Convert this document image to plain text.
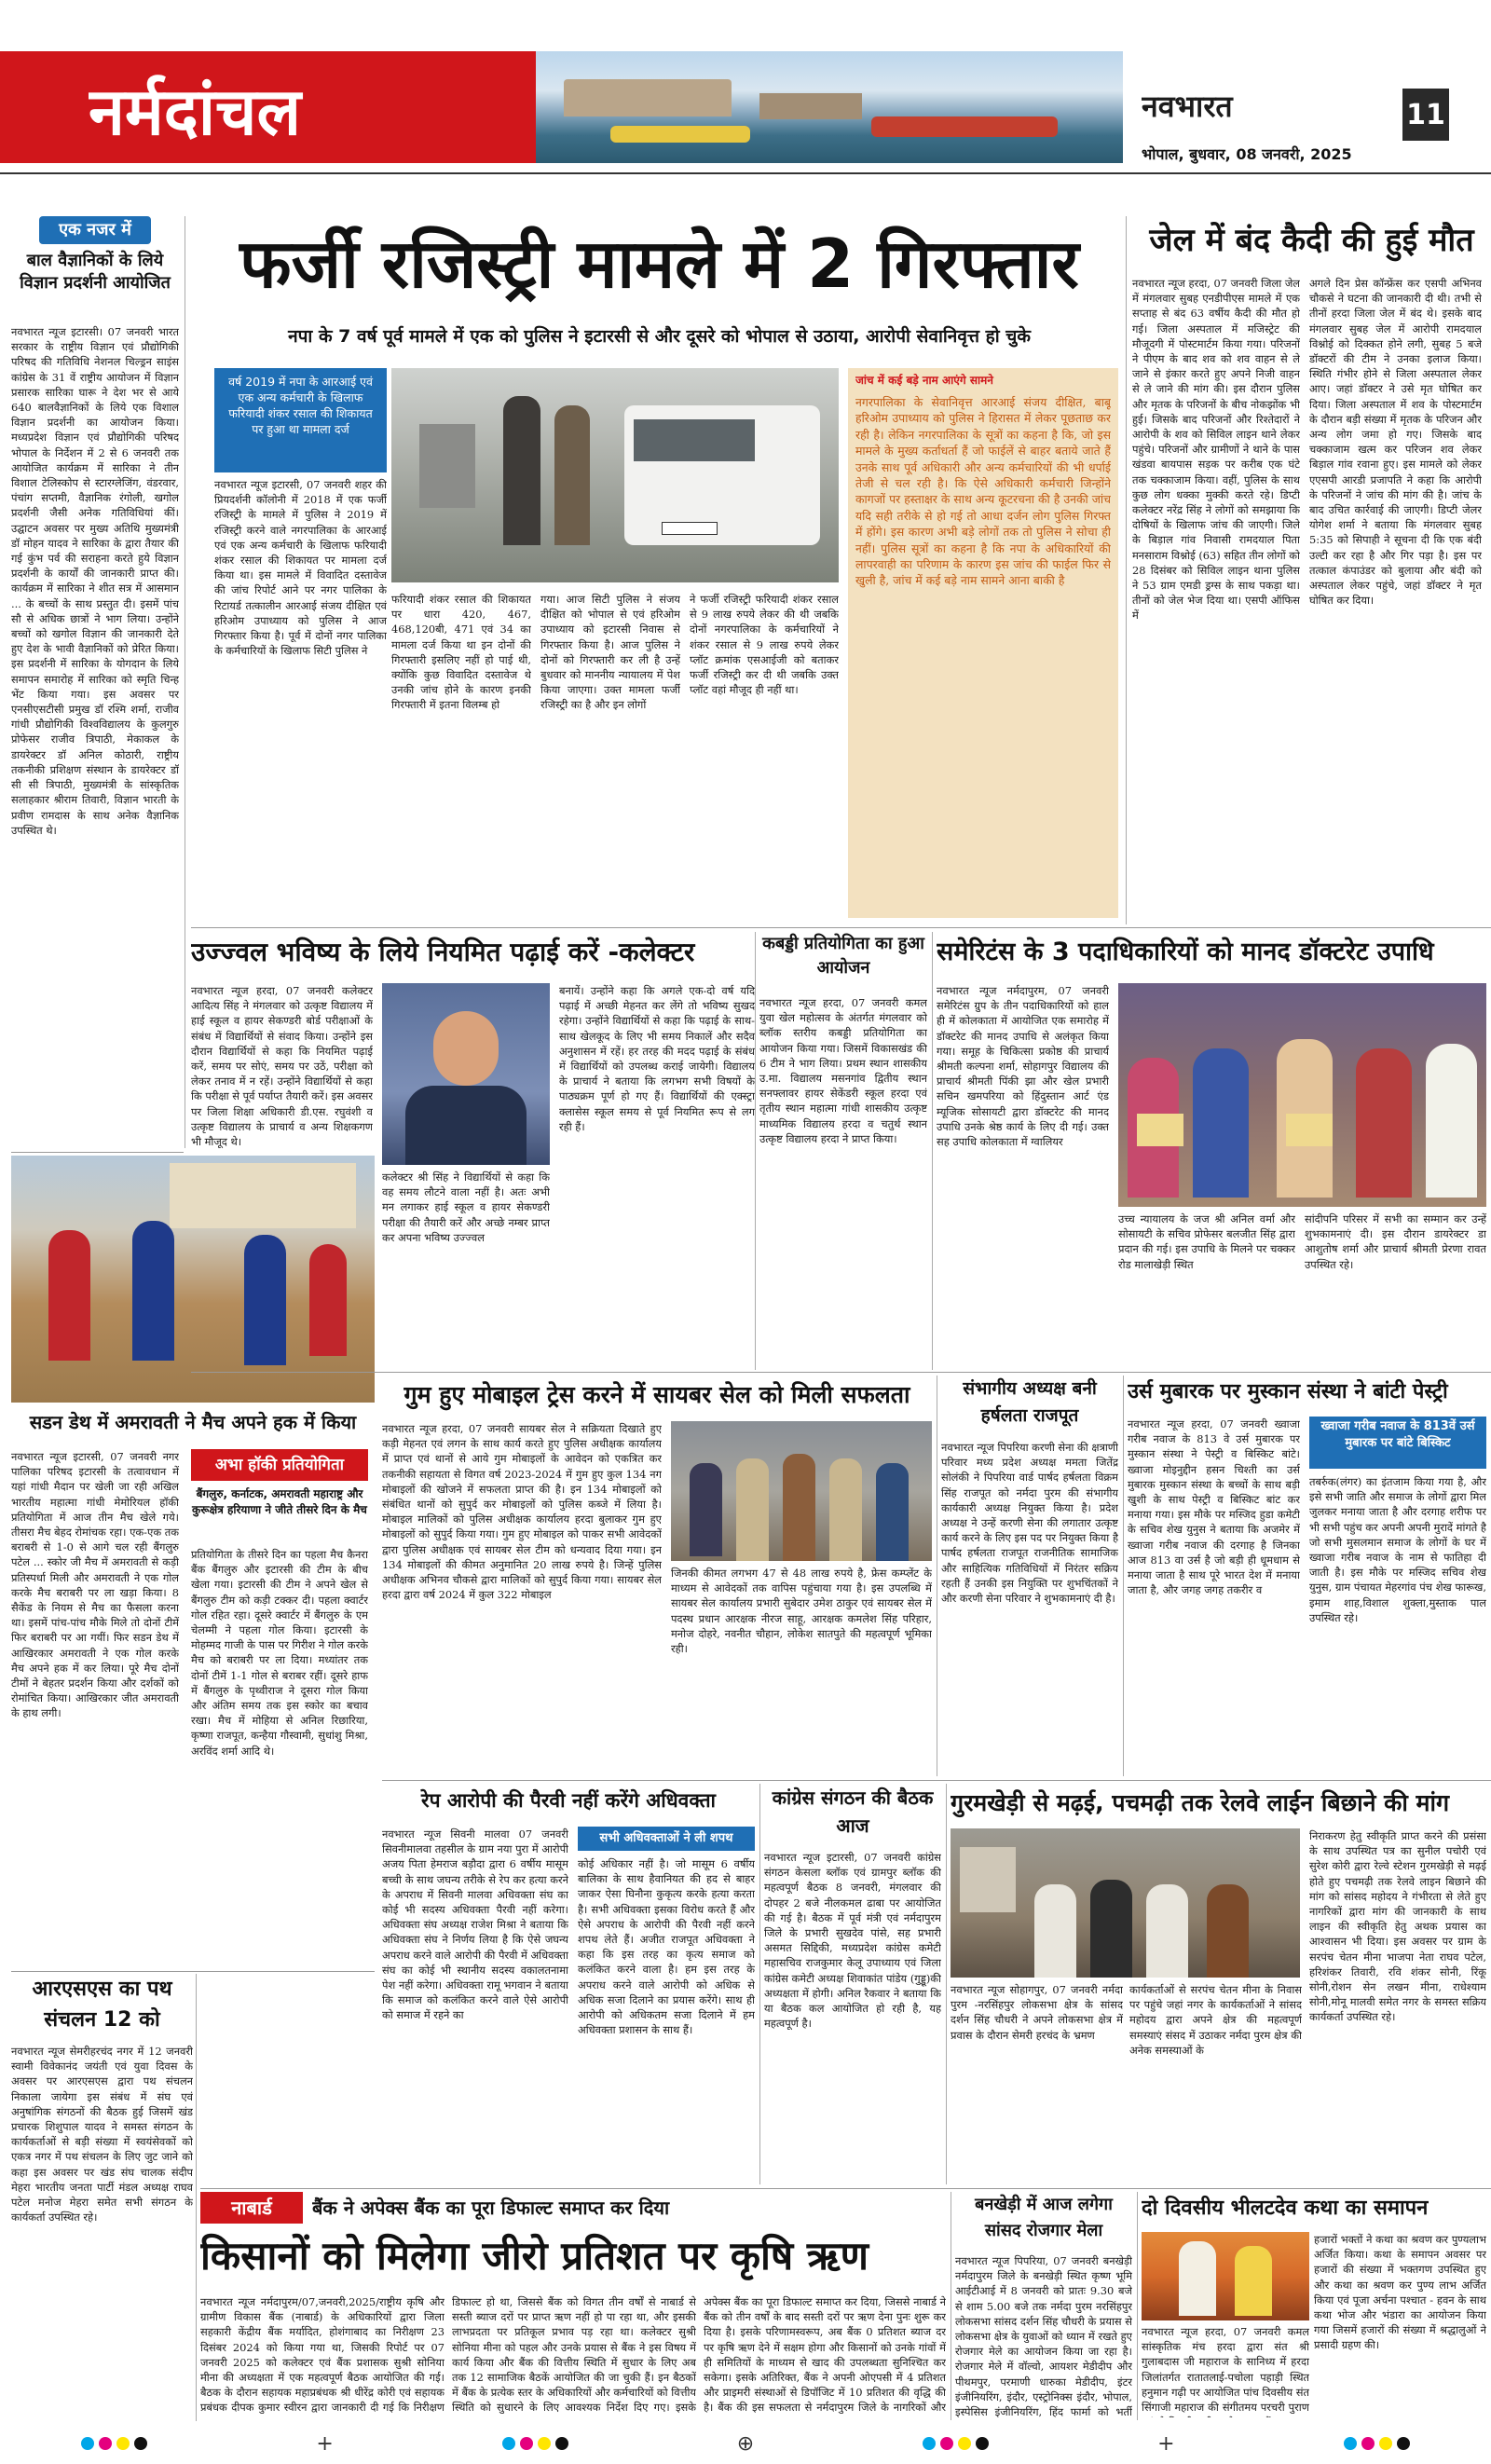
नर्मदांचल	नवभारत	11
भोपाल, बुधवार, 08 जनवरी, 2025
एक नजर में
बाल वैज्ञानिकों के लिये विज्ञान प्रदर्शनी आयोजित
नवभारत न्यूज इटारसी। 07 जनवरी भारत सरकार के राष्ट्रीय विज्ञान एवं प्रौद्योगिकी परिषद की गतिविधि नेशनल चिल्ड्रन साइंस कांग्रेस के 31 वें राष्ट्रीय आयोजन में विज्ञान प्रसारक सारिका घारू ने देश भर से आये 640 बालवैज्ञानिकों के लिये एक विशाल विज्ञान प्रदर्शनी का आयोजन किया। मध्यप्रदेश विज्ञान एवं प्रौद्योगिकी परिषद भोपाल के निर्देशन में 2 से 6 जनवरी तक आयोजित कार्यक्रम में सारिका ने तीन विशाल टेलिस्कोप से स्टारग्लेजिंग, वंडरवार, पंचांग सप्तमी, वैज्ञानिक रंगोली, खगोल प्रदर्शनी जैसी अनेक गतिविधियां कीं। उद्घाटन अवसर पर मुख्य अतिथि मुख्यमंत्री डॉ मोहन यादव ने सारिका के द्वारा तैयार की गई कुंभ पर्व की सराहना करते हुये विज्ञान प्रदर्शनी के कार्यों की जानकारी प्राप्त की। कार्यक्रम में सारिका ने शीत सत्र में आसमान ... के बच्चों के साथ प्रस्तुत दी। इसमें पांच सौ से अधिक छात्रों ने भाग लिया। उन्होंने बच्चों को खगोल विज्ञान की जानकारी देते हुए देश के भावी वैज्ञानिकों को प्रेरित किया। इस प्रदर्शनी में सारिका के योगदान के लिये समापन समारोह में सारिका को स्मृति चिन्ह भेंट किया गया। इस अवसर पर एनसीएसटीसी प्रमुख डॉ रश्मि शर्मा, राजीव गांधी प्रौद्योगिकी विश्वविद्यालय के कुलगुरु प्रोफेसर राजीव त्रिपाठी, मेकाकल के डायरेक्टर डॉ अनिल कोठारी, राष्ट्रीय तकनीकी प्रशिक्षण संस्थान के डायरेक्टर डॉ सी सी त्रिपाठी, मुख्यमंत्री के सांस्कृतिक सलाहकार श्रीराम तिवारी, विज्ञान भारती के प्रवीण रामदास के साथ अनेक वैज्ञानिक उपस्थित थे।
फर्जी रजिस्ट्री मामले में 2 गिरफ्तार
नपा के 7 वर्ष पूर्व मामले में एक को पुलिस ने इटारसी से और दूसरे को भोपाल से उठाया, आरोपी सेवानिवृत्त हो चुके
वर्ष 2019 में नपा के आरआई एवं एक अन्य कर्मचारी के खिलाफ फरियादी शंकर रसाल की शिकायत पर हुआ था मामला दर्ज
नवभारत न्यूज इटारसी, 07 जनवरी शहर की प्रियदर्शनी कॉलोनी में 2018 में एक फर्जी रजिस्ट्री के मामले में पुलिस ने 2019 में रजिस्ट्री करने वाले नगरपालिका के आरआई एवं एक अन्य कर्मचारी के खिलाफ फरियादी शंकर रसाल की शिकायत पर मामला दर्ज किया था। इस मामले में विवादित दस्तावेज की जांच रिपोर्ट आने पर नगर पालिका के रिटायर्ड तत्कालीन आरआई संजय दीक्षित एवं हरिओम उपाध्याय को पुलिस ने आज गिरफ्तार किया है। पूर्व में दोनों नगर पालिका के कर्मचारियों के खिलाफ सिटी पुलिस ने
फरियादी शंकर रसाल की शिकायत पर धारा 420, 467, 468,120बी, 471 एवं 34 का मामला दर्ज किया था इन दोनों की गिरफ्तारी इसलिए नहीं हो पाई थी, क्योंकि कुछ विवादित दस्तावेज थे उनकी जांच होने के कारण इनकी गिरफ्तारी में इतना विलम्ब हो
गया। आज सिटी पुलिस ने संजय दीक्षित को भोपाल से एवं हरिओम उपाध्याय को इटारसी निवास से गिरफ्तार किया है। आज पुलिस ने दोनों को गिरफ्तारी कर ली है उन्हें बुधवार को माननीय न्यायालय में पेश किया जाएगा। उक्त मामला फर्जी रजिस्ट्री का है और इन लोगों
ने फर्जी रजिस्ट्री फरियादी शंकर रसाल से 9 लाख रुपये लेकर की थी जबकि दोनों नगरपालिका के कर्मचारियों ने शंकर रसाल से 9 लाख रुपये लेकर प्लॉट क्रमांक एसआईजी को बताकर फर्जी रजिस्ट्री कर दी थी जबकि उक्त प्लॉट वहां मौजूद ही नहीं था।
जांच में कई बड़े नाम आएंगे सामने
नगरपालिका के सेवानिवृत्त आरआई संजय दीक्षित, बाबू हरिओम उपाध्याय को पुलिस ने हिरासत में लेकर पूछताछ कर रही है। लेकिन नगरपालिका के सूत्रों का कहना है कि, जो इस मामले के मुख्य कर्ताधर्ता हैं जो फाईलें से बाहर बताये जाते हैं उनके साथ पूर्व अधिकारी और अन्य कर्मचारियों की भी धर्पाई तेजी से चल रही है। कि ऐसे अधिकारी कर्मचारी जिन्होंने कागजों पर हस्ताक्षर के साथ अन्य कूटरचना की है उनकी जांच यदि सही तरीके से हो गई तो आधा दर्जन लोग पुलिस गिरफ्त में होंगे। इस कारण अभी बड़े लोगों तक तो पुलिस ने सोचा ही नहीं। पुलिस सूत्रों का कहना है कि नपा के अधिकारियों की लापरवाही का परिणाम के कारण इस जांच की फाईल फिर से खुली है, जांच में कई बड़े नाम सामने आना बाकी है
जेल में बंद कैदी की हुई मौत
नवभारत न्यूज हरदा, 07 जनवरी जिला जेल में मंगलवार सुबह एनडीपीएस मामले में एक सप्ताह से बंद 63 वर्षीय कैदी की मौत हो गई। जिला अस्पताल में मजिस्ट्रेट की मौजूदगी में पोस्टमार्टम किया गया। परिजनों ने पीएम के बाद शव को शव वाहन से ले जाने से इंकार करते हुए अपने निजी वाहन से ले जाने की मांग की। इस दौरान पुलिस और मृतक के परिजनों के बीच नोकझोंक भी हुई। जिसके बाद परिजनों और रिश्तेदारों ने आरोपी के शव को सिविल लाइन थाने लेकर पहुंचे। परिजनों और ग्रामीणों ने थाने के पास खंडवा बायपास सड़क पर करीब एक घंटे तक चक्काजाम किया। वहीं, पुलिस के साथ कुछ लोग धक्का मुक्की करते रहे। डिप्टी कलेक्टर नरेंद्र सिंह ने लोगों को समझाया कि दोषियों के खिलाफ जांच की जाएगी। जिले के बिड़ाल गांव निवासी रामदयाल पिता मनसाराम विश्नोई (63) सहित तीन लोगों को 28 दिसंबर को सिविल लाइन थाना पुलिस ने 53 ग्राम एमडी ड्रग्स के साथ पकड़ा था। तीनों को जेल भेज दिया था। एसपी ऑफिस में
अगले दिन प्रेस कॉन्फ्रेंस कर एसपी अभिनव चौकसे ने घटना की जानकारी दी थी। तभी से तीनों हरदा जिला जेल में बंद थे। इसके बाद मंगलवार सुबह जेल में आरोपी रामदयाल विश्नोई को दिक्कत होने लगी, सुबह 5 बजे डॉक्टरों की टीम ने उनका इलाज किया। स्थिति गंभीर होने से जिला अस्पताल लेकर आए। जहां डॉक्टर ने उसे मृत घोषित कर दिया। जिला अस्पताल में शव के पोस्टमार्टम के दौरान बड़ी संख्या में मृतक के परिजन और अन्य लोग जमा हो गए। जिसके बाद चक्काजाम खत्म कर परिजन शव लेकर बिड़ाल गांव रवाना हुए। इस मामले को लेकर एएसपी आरडी प्रजापति ने कहा कि आरोपी के परिजनों ने जांच की मांग की है। जांच के बाद उचित कार्रवाई की जाएगी। डिप्टी जेलर योगेश शर्मा ने बताया कि मंगलवार सुबह 5:35 को सिपाही ने सूचना दी कि एक बंदी उल्टी कर रहा है और गिर पड़ा है। इस पर तत्काल कंपाउंडर को बुलाया और बंदी को अस्पताल लेकर पहुंचे, जहां डॉक्टर ने मृत घोषित कर दिया।
उज्ज्वल भविष्य के लिये नियमित पढ़ाई करें -कलेक्टर
नवभारत न्यूज हरदा, 07 जनवरी कलेक्टर आदित्य सिंह ने मंगलवार को उत्कृष्ट विद्यालय में हाई स्कूल व हायर सेकण्डरी बोर्ड परीक्षाओं के संबंध में विद्यार्थियों से संवाद किया। उन्होंने इस दौरान विद्यार्थियों से कहा कि नियमित पढ़ाई करें, समय पर सोएं, समय पर उठें, परीक्षा को लेकर तनाव में न रहें। उन्होंने विद्यार्थियों से कहा कि परीक्षा से पूर्व पर्याप्त तैयारी करें। इस अवसर पर जिला शिक्षा अधिकारी डी.एस. रघुवंशी व उत्कृष्ट विद्यालय के प्राचार्य व अन्य शिक्षकगण भी मौजूद थे।
कलेक्टर श्री सिंह ने विद्यार्थियों से कहा कि वह समय लौटने वाला नहीं है। अतः अभी मन लगाकर हाई स्कूल व हायर सेकण्डरी परीक्षा की तैयारी करें और अच्छे नम्बर प्राप्त कर अपना भविष्य उज्ज्वल
बनायें। उन्होंने कहा कि अगले एक-दो वर्ष यदि पढ़ाई में अच्छी मेहनत कर लेंगे तो भविष्य सुखद रहेगा। उन्होंने विद्यार्थियों से कहा कि पढ़ाई के साथ-साथ खेलकूद के लिए भी समय निकालें और सदैव अनुशासन में रहें। हर तरह की मदद पढ़ाई के संबंध में विद्यार्थियों को उपलब्ध कराई जायेगी। विद्यालय के प्राचार्य ने बताया कि लगभग सभी विषयों के पाठ्यक्रम पूर्ण हो गए हैं। विद्यार्थियों की एक्स्ट्रा क्लासेस स्कूल समय से पूर्व नियमित रूप से लग रही हैं।
कबड्डी प्रतियोगिता का हुआ आयोजन
नवभारत न्यूज हरदा, 07 जनवरी कमल युवा खेल महोत्सव के अंतर्गत मंगलवार को ब्लॉक स्तरीय कबड्डी प्रतियोगिता का आयोजन किया गया। जिसमें विकासखंड की 6 टीम ने भाग लिया। प्रथम स्थान शासकीय उ.मा. विद्यालय मसनगांव द्वितीय स्थान सनफ्लावर हायर सेकेंडरी स्कूल हरदा एवं तृतीय स्थान महात्मा गांधी शासकीय उत्कृष्ट माध्यमिक विद्यालय हरदा व चतुर्थ स्थान उत्कृष्ट विद्यालय हरदा ने प्राप्त किया।
समेरिटंस के 3 पदाधिकारियों को मानद डॉक्टरेट उपाधि
नवभारत न्यूज नर्मदापुरम, 07 जनवरी समेरिटंस ग्रुप के तीन पदाधिकारियों को हाल ही में कोलकाता में आयोजित एक समारोह में डॉक्टरेट की मानद उपाधि से अलंकृत किया गया। समूह के चिकित्सा प्रकोष्ठ की प्राचार्य श्रीमती कल्पना शर्मा, सोहागपुर विद्यालय की प्राचार्य श्रीमती पिंकी झा और खेल प्रभारी सचिन खमपरिया को हिंदुस्तान आर्ट एंड म्यूजिक सोसायटी द्वारा डॉक्टरेट की मानद उपाधि उनके श्रेष्ठ कार्य के लिए दी गई। उक्त सह उपाधि कोलकाता में ग्वालियर
उच्च न्यायालय के जज श्री अनिल वर्मा और सोसायटी के सचिव प्रोफेसर बलजीत सिंह द्वारा प्रदान की गई। इस उपाधि के मिलने पर चक्कर रोड मालाखेड़ी स्थित
सांदीपनि परिसर में सभी का सम्मान कर उन्हें शुभकामनाएं दी। इस दौरान डायरेक्टर डा आशुतोष शर्मा और प्राचार्य श्रीमती प्रेरणा रावत उपस्थित रहे।
सडन डेथ में अमरावती ने मैच अपने हक में किया
नवभारत न्यूज इटारसी, 07 जनवरी नगर पालिका परिषद इटारसी के तत्वावधान में यहां गांधी मैदान पर खेली जा रही अखिल भारतीय महात्मा गांधी मेमोरियल हॉकी प्रतियोगिता में आज तीन मैच खेले गये। तीसरा मैच बेहद रोमांचक रहा। एक-एक तक बराबरी से 1-0 से आगे चल रही बैंगलुरु पटेल ... स्कोर जी मैच में अमरावती से कड़ी प्रतिस्पर्धा मिली और अमरावती ने एक गोल करके मैच बराबरी पर ला खड़ा किया। 8 सैकेंड के नियम से मैच का फैसला करना था। इसमें पांच-पांच मौके मिले तो दोनों टीमें फिर बराबरी पर आ गयीं। फिर सडन डेथ में आखिरकार अमरावती ने एक गोल करके मैच अपने हक में कर लिया। पूरे मैच दोनों टीमों ने बेहतर प्रदर्शन किया और दर्शकों को रोमांचित किया। आखिरकार जीत अमरावती के हाथ लगी।
अभा हॉकी प्रतियोगिता
बैंगलुरु, कर्नाटक, अमरावती महाराष्ट्र और कुरूक्षेत्र हरियाणा ने जीते तीसरे दिन के मैच
प्रतियोगिता के तीसरे दिन का पहला मैच कैनरा बैंक बैंगलुरु और इटारसी की टीम के बीच खेला गया। इटारसी की टीम ने अपने खेल से बैंगलुरु टीम को कड़ी टक्कर दी। पहला क्वार्टर गोल रहित रहा। दूसरे क्वार्टर में बैंगलुरु के एम चेलम्मी ने पहला गोल किया। इटारसी के मोहम्मद गाजी के पास पर गिरीश ने गोल करके मैच को बराबरी पर ला दिया। मध्यांतर तक दोनों टीमें 1-1 गोल से बराबर रहीं। दूसरे हाफ में बैंगलुरु के पृथ्वीराज ने दूसरा गोल किया और अंतिम समय तक इस स्कोर का बचाव रखा। मैच में मोहिया से अनिल रिछारिया, कृष्णा राजपूत, कन्हैया गौस्वामी, सुधांशु मिश्रा, अरविंद शर्मा आदि थे।
गुम हुए मोबाइल ट्रेस करने में सायबर सेल को मिली सफलता
नवभारत न्यूज हरदा, 07 जनवरी सायबर सेल ने सक्रियता दिखाते हुए कड़ी मेहनत एवं लगन के साथ कार्य करते हुए पुलिस अधीक्षक कार्यालय में प्राप्त एवं थानों से आये गुम मोबाइलों के आवेदन को एकत्रित कर तकनीकी सहायता से विगत वर्ष 2023-2024 में गुम हुए कुल 134 नग मोबाइलों की खोजने में सफलता प्राप्त की है। इन 134 मोबाइलों को संबंधित थानों को सुपुर्द कर मोबाइलों को पुलिस कब्जे में लिया है। मोबाइल मालिकों को पुलिस अधीक्षक कार्यालय हरदा बुलाकर गुम हुए मोबाइलों को सुपुर्द किया गया। गुम हुए मोबाइल को पाकर सभी आवेदकों द्वारा पुलिस अधीक्षक एवं सायबर सेल टीम को धन्यवाद दिया गया। इन 134 मोबाइलों की कीमत अनुमानित 20 लाख रुपये है। जिन्हें पुलिस अधीक्षक अभिनव चौकसे द्वारा मालिकों को सुपुर्द किया गया। सायबर सेल हरदा द्वारा वर्ष 2024 में कुल 322 मोबाइल
जिनकी कीमत लगभग 47 से 48 लाख रुपये है, फ्रेस कम्प्लेंट के माध्यम से आवेदकों तक वापिस पहुंचाया गया है। इस उपलब्धि में सायबर सेल कार्यालय प्रभारी सुबेदार उमेश ठाकुर एवं सायबर सेल में पदस्थ प्रधान आरक्षक नीरज साहू, आरक्षक कमलेश सिंह परिहार, मनोज दोहरे, नवनीत चौहान, लोकेश सातपुते की महत्वपूर्ण भूमिका रही।
संभागीय अध्यक्ष बनी हर्षलता राजपूत
नवभारत न्यूज पिपरिया करणी सेना की क्षत्राणी परिवार मध्य प्रदेश अध्यक्ष ममता जितेंद्र सोलंकी ने पिपरिया वार्ड पार्षद हर्षलता विक्रम सिंह राजपूत को नर्मदा पुरम की संभागीय कार्यकारी अध्यक्ष नियुक्त किया है। प्रदेश अध्यक्ष ने उन्हें करणी सेना की लगातार उत्कृष्ट कार्य करने के लिए इस पद पर नियुक्त किया है पार्षद हर्षलता राजपूत राजनीतिक सामाजिक और साहित्यिक गतिविधियों में निरंतर सक्रिय रहती हैं उनकी इस नियुक्ति पर शुभचिंतकों ने और करणी सेना परिवार ने शुभकामनाएं दी है।
उर्स मुबारक पर मुस्कान संस्था ने बांटी पेस्ट्री
नवभारत न्यूज हरदा, 07 जनवरी ख्वाजा गरीब नवाज के 813 वे उर्स मुबारक पर मुस्कान संस्था ने पेस्ट्री व बिस्किट बांटे। ख्वाजा मोइनुद्दीन हसन चिश्ती का उर्स मुबारक मुस्कान संस्था के बच्चों के साथ बड़ी खुशी के साथ पेस्ट्री व बिस्किट बांट कर मनाया गया। इस मौके पर मस्जिद हुडा कमेटी के सचिव शेख युनुस ने बताया कि अजमेर में ख्वाजा गरीब नवाज की दरगाह है जिनका आज 813 वा उर्स है जो बड़ी ही धूमधाम से मनाया जाता है साथ पूरे भारत देश में मनाया जाता है, और जगह जगह तकरीर व
ख्वाजा गरीब नवाज के 813वें उर्स मुबारक पर बांटे बिस्किट
तबर्रुक(लंगर) का इंतजाम किया गया है, और इसे सभी जाति और समाज के लोगों द्वारा मिल जुलकर मनाया जाता है और दरगाह शरीफ पर भी सभी पहुंच कर अपनी अपनी मुरादें मांगते है जो सभी मुसलमान समाज के लोगों के घर में ख्वाजा गरीब नवाज के नाम से फातिहा दी जाती है। इस मौके पर मस्जिद सचिव शेख युनुस, ग्राम पंचायत मेहरगांव पंच शेख फारूख, इमाम शाह,विशाल शुक्ला,मुस्ताक पाल उपस्थित रहे।
रेप आरोपी की पैरवी नहीं करेंगे अधिवक्ता
नवभारत न्यूज सिवनी मालवा 07 जनवरी सिवनीमालवा तहसील के ग्राम नया पुरा में आरोपी अजय पिता हेमराज बड़ौदा द्वारा 6 वर्षीय मासूम बच्ची के साथ जघन्य तरीके से रेप कर हत्या करने के अपराध में सिवनी मालवा अधिवक्ता संघ का कोई भी सदस्य अधिवक्ता पैरवी नहीं करेगा। अधिवक्ता संघ अध्यक्ष राजेश मिश्रा ने बताया कि अधिवक्ता संघ ने निर्णय लिया है कि ऐसे जघन्य अपराध करने वाले आरोपी की पैरवी में अधिवक्ता संघ का कोई भी स्थानीय सदस्य वकालतनामा पेश नहीं करेगा। अधिवक्ता रामू भगवान ने बताया कि समाज को कलंकित करने वाले ऐसे आरोपी को समाज में रहने का
सभी अधिवक्ताओं ने ली शपथ
कोई अधिकार नहीं है। जो मासूम 6 वर्षीय बालिका के साथ हैवानियत की हद से बाहर जाकर ऐसा घिनौना कुकृत्य करके हत्या करता है। सभी अधिवक्ता इसका विरोध करते हैं और ऐसे अपराध के आरोपी की पैरवी नहीं करने शपथ लेते हैं। अजीत राजपूत अधिवक्ता ने कहा कि इस तरह का कृत्य समाज को कलंकित करने वाला है। हम इस तरह के अपराध करने वाले आरोपी को अधिक से अधिक सजा दिलाने का प्रयास करेंगे। साथ ही आरोपी को अधिकतम सजा दिलाने में हम अधिवक्ता प्रशासन के साथ हैं।
कांग्रेस संगठन की बैठक आज
नवभारत न्यूज इटारसी, 07 जनवरी कांग्रेस संगठन केसला ब्लॉक एवं ग्रामपुर ब्लॉक की महत्वपूर्ण बैठक 8 जनवरी, मंगलवार की दोपहर 2 बजे नीलकमल ढाबा पर आयोजित की गई है। बैठक में पूर्व मंत्री एवं नर्मदापुरम जिले के प्रभारी सुखदेव पांसे, सह प्रभारी असमत सिद्दिकी, मध्यप्रदेश कांग्रेस कमेटी महासचिव राजकुमार केलू उपाध्याय एवं जिला कांग्रेस कमेटी अध्यक्ष शिवाकांत पांडेय (गुड्डू)की अध्यक्षता में होगी। अनिल रैकवार ने बताया कि या बैठक कल आयोजित हो रही है, यह महत्वपूर्ण है।
गुरमखेड़ी से मढ़ई, पचमढ़ी तक रेलवे लाईन बिछाने की मांग
नवभारत न्यूज सोहागपुर, 07 जनवरी नर्मदा पुरम -नरसिंहपुर लोकसभा क्षेत्र के सांसद दर्शन सिंह चौधरी ने अपने लोकसभा क्षेत्र में प्रवास के दौरान सेमरी हरचंद के भ्रमण
कार्यकर्ताओं से सरपंच चेतन मीना के निवास पर पहुंचे जहां नगर के कार्यकर्ताओं ने सांसद महोदय द्वारा अपने क्षेत्र की महत्वपूर्ण समस्याएं संसद में उठाकर नर्मदा पुरम क्षेत्र की अनेक समस्याओं के
निराकरण हेतु स्वीकृति प्राप्त करने की प्रसंसा के साथ उपस्थित पत्र का सुनील पचोरी एवं सुरेश कोरी द्वारा रेल्वे स्टेशन गुरमखेड़ी से मढ़ई होते हुए पचमढ़ी तक रेलवे लाइन बिछाने की मांग को सांसद महोदय ने गंभीरता से लेते हुए नागरिकों द्वारा मांग की जानकारी के साथ लाइन की स्वीकृति हेतु अथक प्रयास का आश्वासन भी दिया। इस अवसर पर ग्राम के सरपंच चेतन मीना भाजपा नेता राघव पटेल, हरिशंकर तिवारी, रवि शंकर सोनी, रिंकू सोनी,रोशन सेन लखन मीना, राधेश्याम सोनी,मोनू मालवी समेत नगर के समस्त सक्रिय कार्यकर्ता उपस्थित रहे।
आरएसएस का पथ संचलन 12 को
नवभारत न्यूज सेमरीहरचंद नगर में 12 जनवरी स्वामी विवेकानंद जयंती एवं युवा दिवस के अवसर पर आरएसएस द्वारा पथ संचलन निकाला जायेगा इस संबंध में संघ एवं अनुषांगिक संगठनों की बैठक हुई जिसमें खंड प्रचारक शिशुपाल यादव ने समस्त संगठन के कार्यकर्ताओं से बड़ी संख्या में स्वयंसेवकों को एकत्र नगर में पथ संचलन के लिए जुट जाने को कहा इस अवसर पर खंड संघ चालक संदीप मेहरा भारतीय जनता पार्टी मंडल अध्यक्ष राघव पटेल मनोज मेहरा समेत सभी संगठन के कार्यकर्ता उपस्थित रहे।	नाबार्ड	बैंक ने अपेक्स बैंक का पूरा डिफाल्ट समाप्त कर दिया
किसानों को मिलेगा जीरो प्रतिशत पर कृषि ऋण
नवभारत न्यूज नर्मदापुरम/07,जनवरी,2025/राष्ट्रीय कृषि और ग्रामीण विकास बैंक (नाबार्ड) के अधिकारियों द्वारा जिला सहकारी केंद्रीय बैंक मर्यादित, होशंगाबाद का निरीक्षण 23 दिसंबर 2024 को किया गया था, जिसकी रिपोर्ट पर 07 जनवरी 2025 को कलेक्टर एवं बैंक प्रशासक सुश्री सोनिया मीना की अध्यक्षता में एक महत्वपूर्ण बैठक आयोजित की गई। बैठक के दौरान सहायक महाप्रबंधक श्री धीरेंद्र कोरी एवं सहायक प्रबंधक दीपक कुमार स्वीरन द्वारा जानकारी दी गई कि निरीक्षण
डिफाल्ट हो था, जिससे बैंक को विगत तीन वर्षों से नाबार्ड से सस्ती ब्याज दरों पर प्राप्त ऋण नहीं हो पा रहा था, और इसकी लाभप्रदता पर प्रतिकूल प्रभाव पड़ रहा था। कलेक्टर सुश्री सोनिया मीना को पहल और उनके प्रयास से बैंक ने इस विषय में कार्य किया और बैंक की वित्तीय स्थिति में सुधार के लिए अब तक 12 सामाजिक बैठकें आयोजित की जा चुकी हैं। इन बैठकों में बैंक के प्रत्येक स्तर के अधिकारियों और कर्मचारियों को वित्तीय स्थिति को सुधारने के लिए आवश्यक निर्देश दिए गए। इसके
अपेक्स बैंक का पूरा डिफाल्ट समाप्त कर दिया, जिससे नाबार्ड ने बैंक को तीन वर्षों के बाद सस्ती दरों पर ऋण देना पुनः शुरू कर दिया है। इसके परिणामस्वरूप, अब बैंक 0 प्रतिशत ब्याज दर पर कृषि ऋण देने में सक्षम होगा और किसानों को उनके गांवों में ही समितियों के माध्यम से खाद की उपलब्धता सुनिश्चित कर सकेगा। इसके अतिरिक्त, बैंक ने अपनी ओएपसी में 4 प्रतिशत और प्राइमरी संस्थाओं से डिपॉजिट में 10 प्रतिशत की वृद्धि की है। बैंक की इस सफलता से नर्मदापुरम जिले के नागरिकों और
बनखेड़ी में आज लगेगा सांसद रोजगार मेला
नवभारत न्यूज पिपरिया, 07 जनवरी बनखेड़ी नर्मदापुरम जिले के बनखेड़ी स्थित कृष्ण भूमि आईटीआई में 8 जनवरी को प्रातः 9.30 बजे से शाम 5.00 बजे तक नर्मदा पुरम नरसिंहपुर लोकसभा सांसद दर्शन सिंह चौधरी के प्रयास से लोकसभा क्षेत्र के युवाओं को ध्यान में रखते हुए रोजगार मेले का आयोजन किया जा रहा है। रोजगार मेले में वॉल्वो, आयशर मेडीदीप और पीथमपुर, परमाणी धारुका मेडीदीप, इंटर इंजीनियरिंग, इंदौर, एस्ट्रोनिक्स इंदौर, भोपाल, इस्पेसिस इंजीनियरिंग, हिंद फार्मा को भर्ती
दो दिवसीय भीलटदेव कथा का समापन
नवभारत न्यूज हरदा, 07 जनवरी कमल सांस्कृतिक मंच हरदा द्वारा संत श्री गुलाबदास जी महाराज के सानिध्य में हरदा जिलांतर्गत रातातलाई-पचोला पहाड़ी स्थित हनुमान गढ़ी पर आयोजित पांच दिवसीय संत सिंगाजी महाराज की संगीतमय परचरी पुराण
हजारों भक्तों ने कथा का श्रवण कर पुण्यलाभ अर्जित किया। कथा के समापन अवसर पर हजारों की संख्या में भक्तगण उपस्थित हुए और कथा का श्रवण कर पुण्य लाभ अर्जित किया एवं पूजा अर्चना पश्चात - हवन के साथ कथा भोज और भंडारा का आयोजन किया गया जिसमें हजारों की संख्या में श्रद्धालुओं ने प्रसादी ग्रहण की।
+	⊕	+
